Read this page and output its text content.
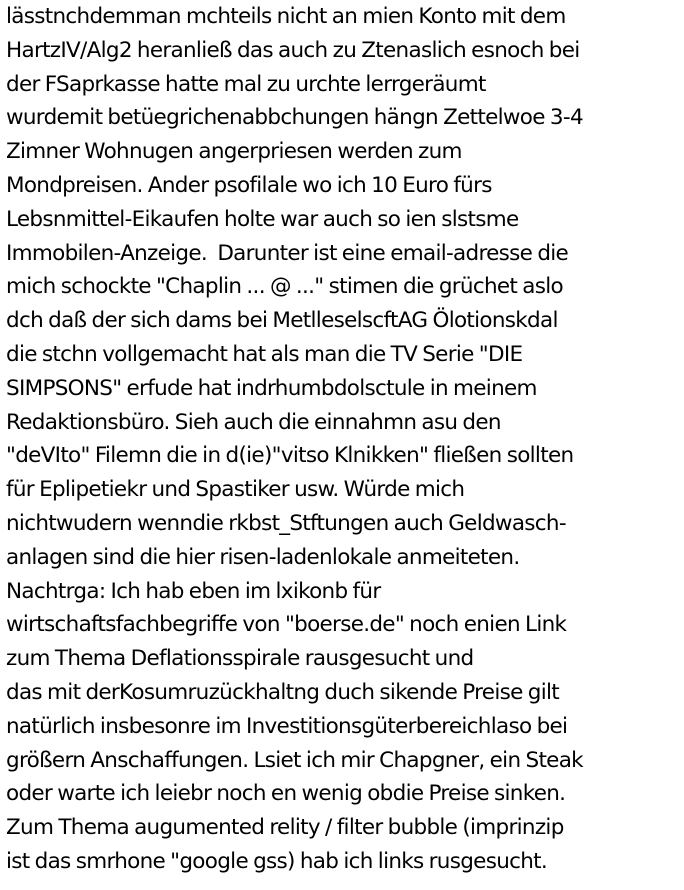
lässtnchdemman mchteils nicht an mien Konto mit dem
HartzIV/Alg2 heranließ das auch zu Ztenaslich esnoch bei
der FSaprkasse hatte mal zu urchte lerrgeräumt
wurdemit betüegrichenabbchungen hängn Zettelwoe 3-4
Zimner Wohnugen angerpriesen werden zum
Mondpreisen. Ander psofilale wo ich 10 Euro fürs
Lebsnmittel-Eikaufen holte war auch so ien slstsme
Immobilen-Anzeige.  Darunter ist eine email-adresse die
mich schockte "Chaplin ... @ ..." stimen die grüchet aslo
dch daß der sich dams bei MetlleselscftAG Ölotionskdal
die stchn vollgemacht hat als man die TV Serie "DIE
SIMPSONS" erfude hat indrhumbdolsctule in meinem
Redaktionsbüro. Sieh auch die einnahmn asu den
"deVIto" Filemn die in d(ie)"vitso Klnikken" fließen sollten
für Eplipetiekr und Spastiker usw. Würde mich
nichtwudern wenndie rkbst_Stftungen auch Geldwasch-
anlagen sind die hier risen-ladenlokale anmeiteten.
Nachtrga: Ich hab eben im lxikonb für
wirtschaftsfachbegriffe von "boerse.de" noch enien Link
zum Thema Deflationsspirale rausgesucht und
das mit derKosumruzückhaltng duch sikende Preise gilt
natürlich insbesonre im Investitionsgüterbereichlaso bei
größern Anschaffungen. Lsiet ich mir Chapgner, ein Steak
oder warte ich leiebr noch en wenig obdie Preise sinken.
Zum Thema augumented relity / filter bubble (imprinzip
ist das smrhone "google gss) hab ich links rusgesucht.
